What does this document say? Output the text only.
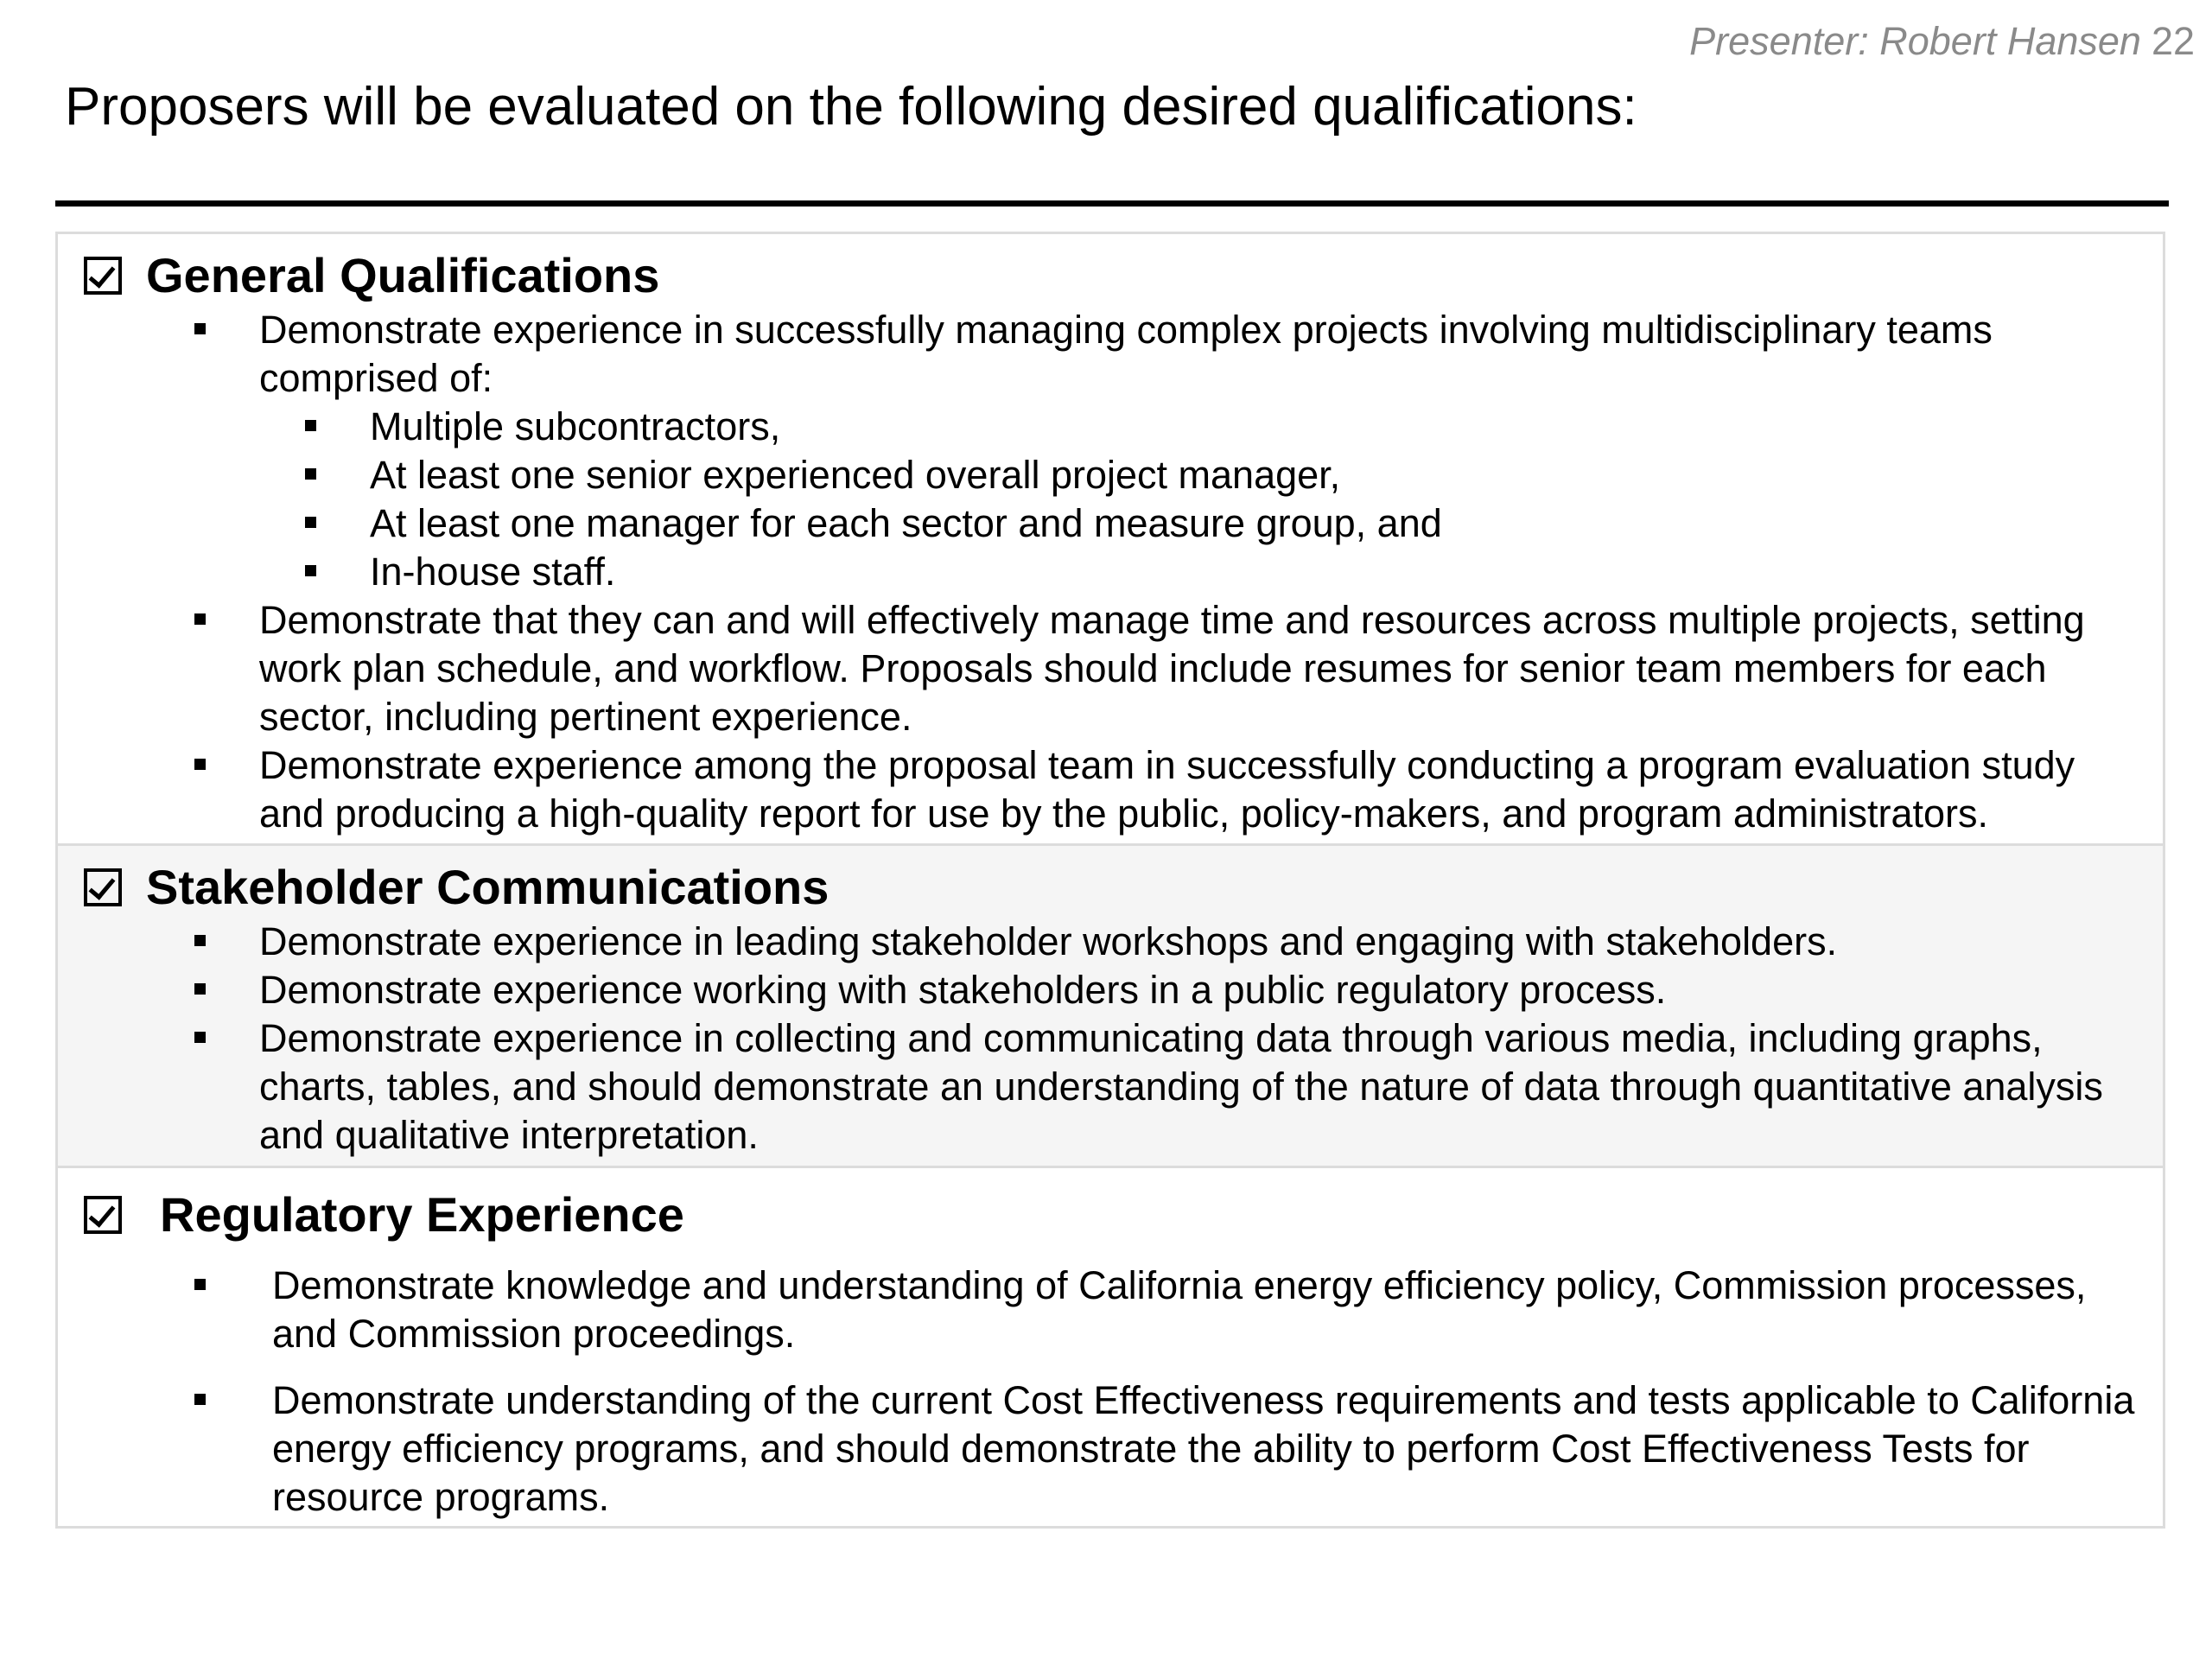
Presenter: Robert Hansen 22
Proposers will be evaluated on the following desired qualifications:
General Qualifications
Demonstrate experience in successfully managing complex projects involving multidisciplinary teams comprised of:
Multiple subcontractors,
At least one senior experienced overall project manager,
At least one manager for each sector and measure group, and
In-house staff.
Demonstrate that they can and will effectively manage time and resources across multiple projects, setting work plan schedule, and workflow. Proposals should include resumes for senior team members for each sector, including pertinent experience.
Demonstrate experience among the proposal team in successfully conducting a program evaluation study and producing a high-quality report for use by the public, policy-makers, and program administrators.
Stakeholder Communications
Demonstrate experience in leading stakeholder workshops and engaging with stakeholders.
Demonstrate experience working with stakeholders in a public regulatory process.
Demonstrate experience in collecting and communicating data through various media, including graphs, charts, tables, and should demonstrate an understanding of the nature of data through quantitative analysis and qualitative interpretation.
Regulatory Experience
Demonstrate knowledge and understanding of California energy efficiency policy, Commission processes, and Commission proceedings.
Demonstrate understanding of the current Cost Effectiveness requirements and tests applicable to California energy efficiency programs, and should demonstrate the ability to perform Cost Effectiveness Tests for resource programs.
